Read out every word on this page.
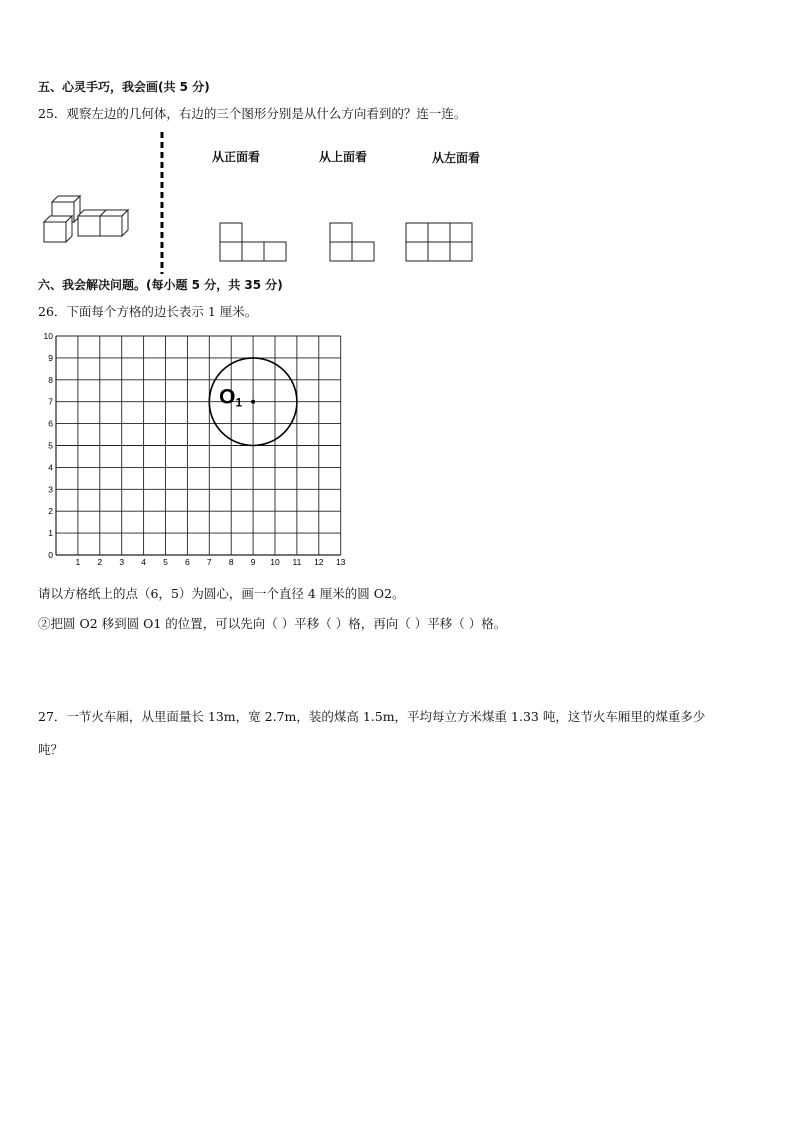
五、心灵手巧，我会画(共 5 分)
25．观察左边的几何体，右边的三个图形分别是从什么方向看到的？连一连。
从正面看	从上面看	从左面看
六、我会解决问题。(每小题 5 分，共 35 分)
26．下面每个方格的边长表示 1 厘米。
1 2 3 4 5 6 7 8 9 10 11 12 13
0
1
2
3
4
5
6
7
8
9
10
O1
请以方格纸上的点（6，5）为圆心，画一个直径 4 厘米的圆 O2。
②把圆 O2 移到圆 O1 的位置，可以先向（ ）平移（ ）格，再向（ ）平移（ ）格。
27．一节火车厢，从里面量长 13m，宽 2.7m，装的煤高 1.5m，平均每立方米煤重 1.33 吨，这节火车厢里的煤重多少
吨？
